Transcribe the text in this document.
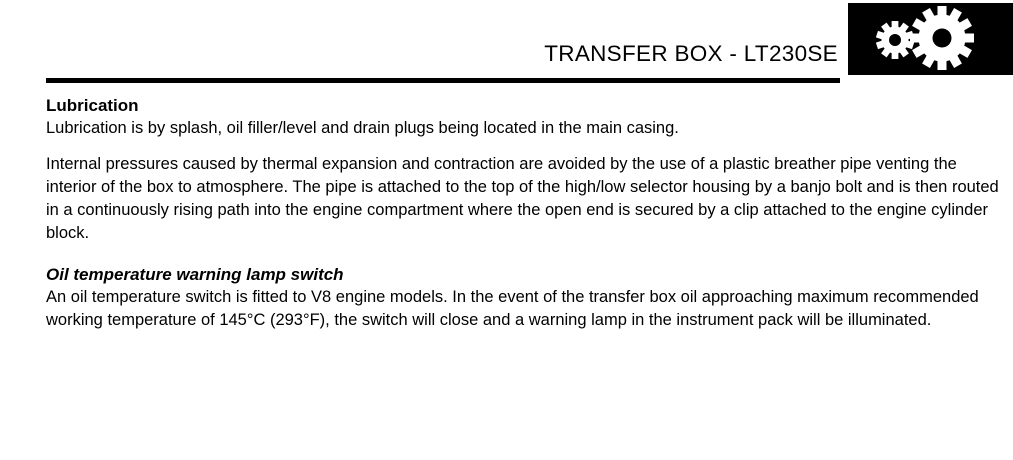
TRANSFER BOX - LT230SE
Lubrication

Lubrication is by splash, oil filler/level and drain plugs being located in the main casing.

Internal pressures caused by thermal expansion and contraction are avoided by the use of a plastic breather pipe venting the interior of the box to atmosphere. The pipe is attached to the top of the high/low selector housing by a banjo bolt and is then routed in a continuously rising path into the engine compartment where the open end is secured by a clip attached to the engine cylinder block.

Oil temperature warning lamp switch

An oil temperature switch is fitted to V8 engine models. In the event of the transfer box oil approaching maximum recommended working temperature of 145°C (293°F), the switch will close and a warning lamp in the instrument pack will be illuminated.
